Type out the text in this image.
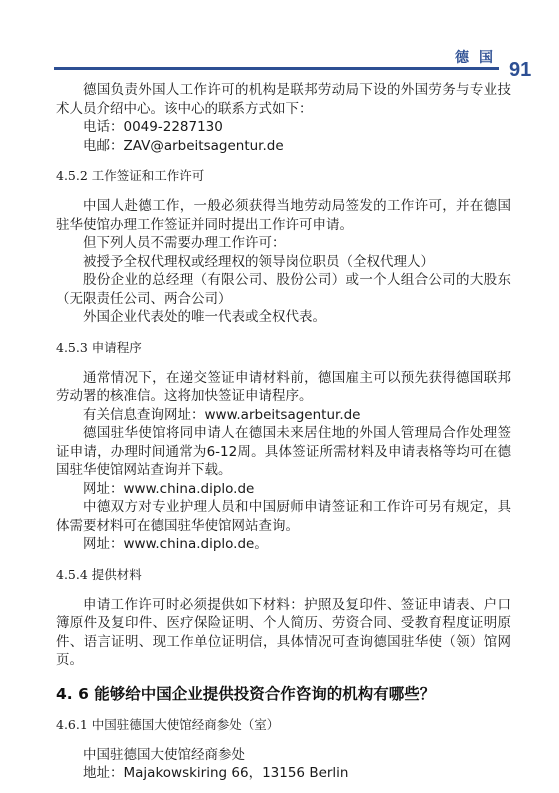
德国
91

德国负责外国人工作许可的机构是联邦劳动局下设的外国劳务与专业技术人员介绍中心。该中心的联系方式如下：

电话：0049-2287130

电邮：ZAV@arbeitsagentur.de

4.5.2 工作签证和工作许可

中国人赴德工作，一般必须获得当地劳动局签发的工作许可，并在德国驻华使馆办理工作签证并同时提出工作许可申请。

但下列人员不需要办理工作许可：

被授予全权代理权或经理权的领导岗位职员（全权代理人）

股份企业的总经理（有限公司、股份公司）或一个人组合公司的大股东（无限责任公司、两合公司）

外国企业代表处的唯一代表或全权代表。

4.5.3 申请程序

通常情况下，在递交签证申请材料前，德国雇主可以预先获得德国联邦劳动署的核准信。这将加快签证申请程序。

有关信息查询网址：www.arbeitsagentur.de

德国驻华使馆将同申请人在德国未来居住地的外国人管理局合作处理签证申请，办理时间通常为6-12周。具体签证所需材料及申请表格等均可在德国驻华使馆网站查询并下载。

网址：www.china.diplo.de

中德双方对专业护理人员和中国厨师申请签证和工作许可另有规定，具体需要材料可在德国驻华使馆网站查询。

网址：www.china.diplo.de。

4.5.4 提供材料

申请工作许可时必须提供如下材料：护照及复印件、签证申请表、户口簿原件及复印件、医疗保险证明、个人简历、劳资合同、受教育程度证明原件、语言证明、现工作单位证明信，具体情况可查询德国驻华使（领）馆网页。

4. 6 能够给中国企业提供投资合作咨询的机构有哪些？

4.6.1 中国驻德国大使馆经商参处（室）

中国驻德国大使馆经商参处

地址：Majakowskiring 66，13156 Berlin
